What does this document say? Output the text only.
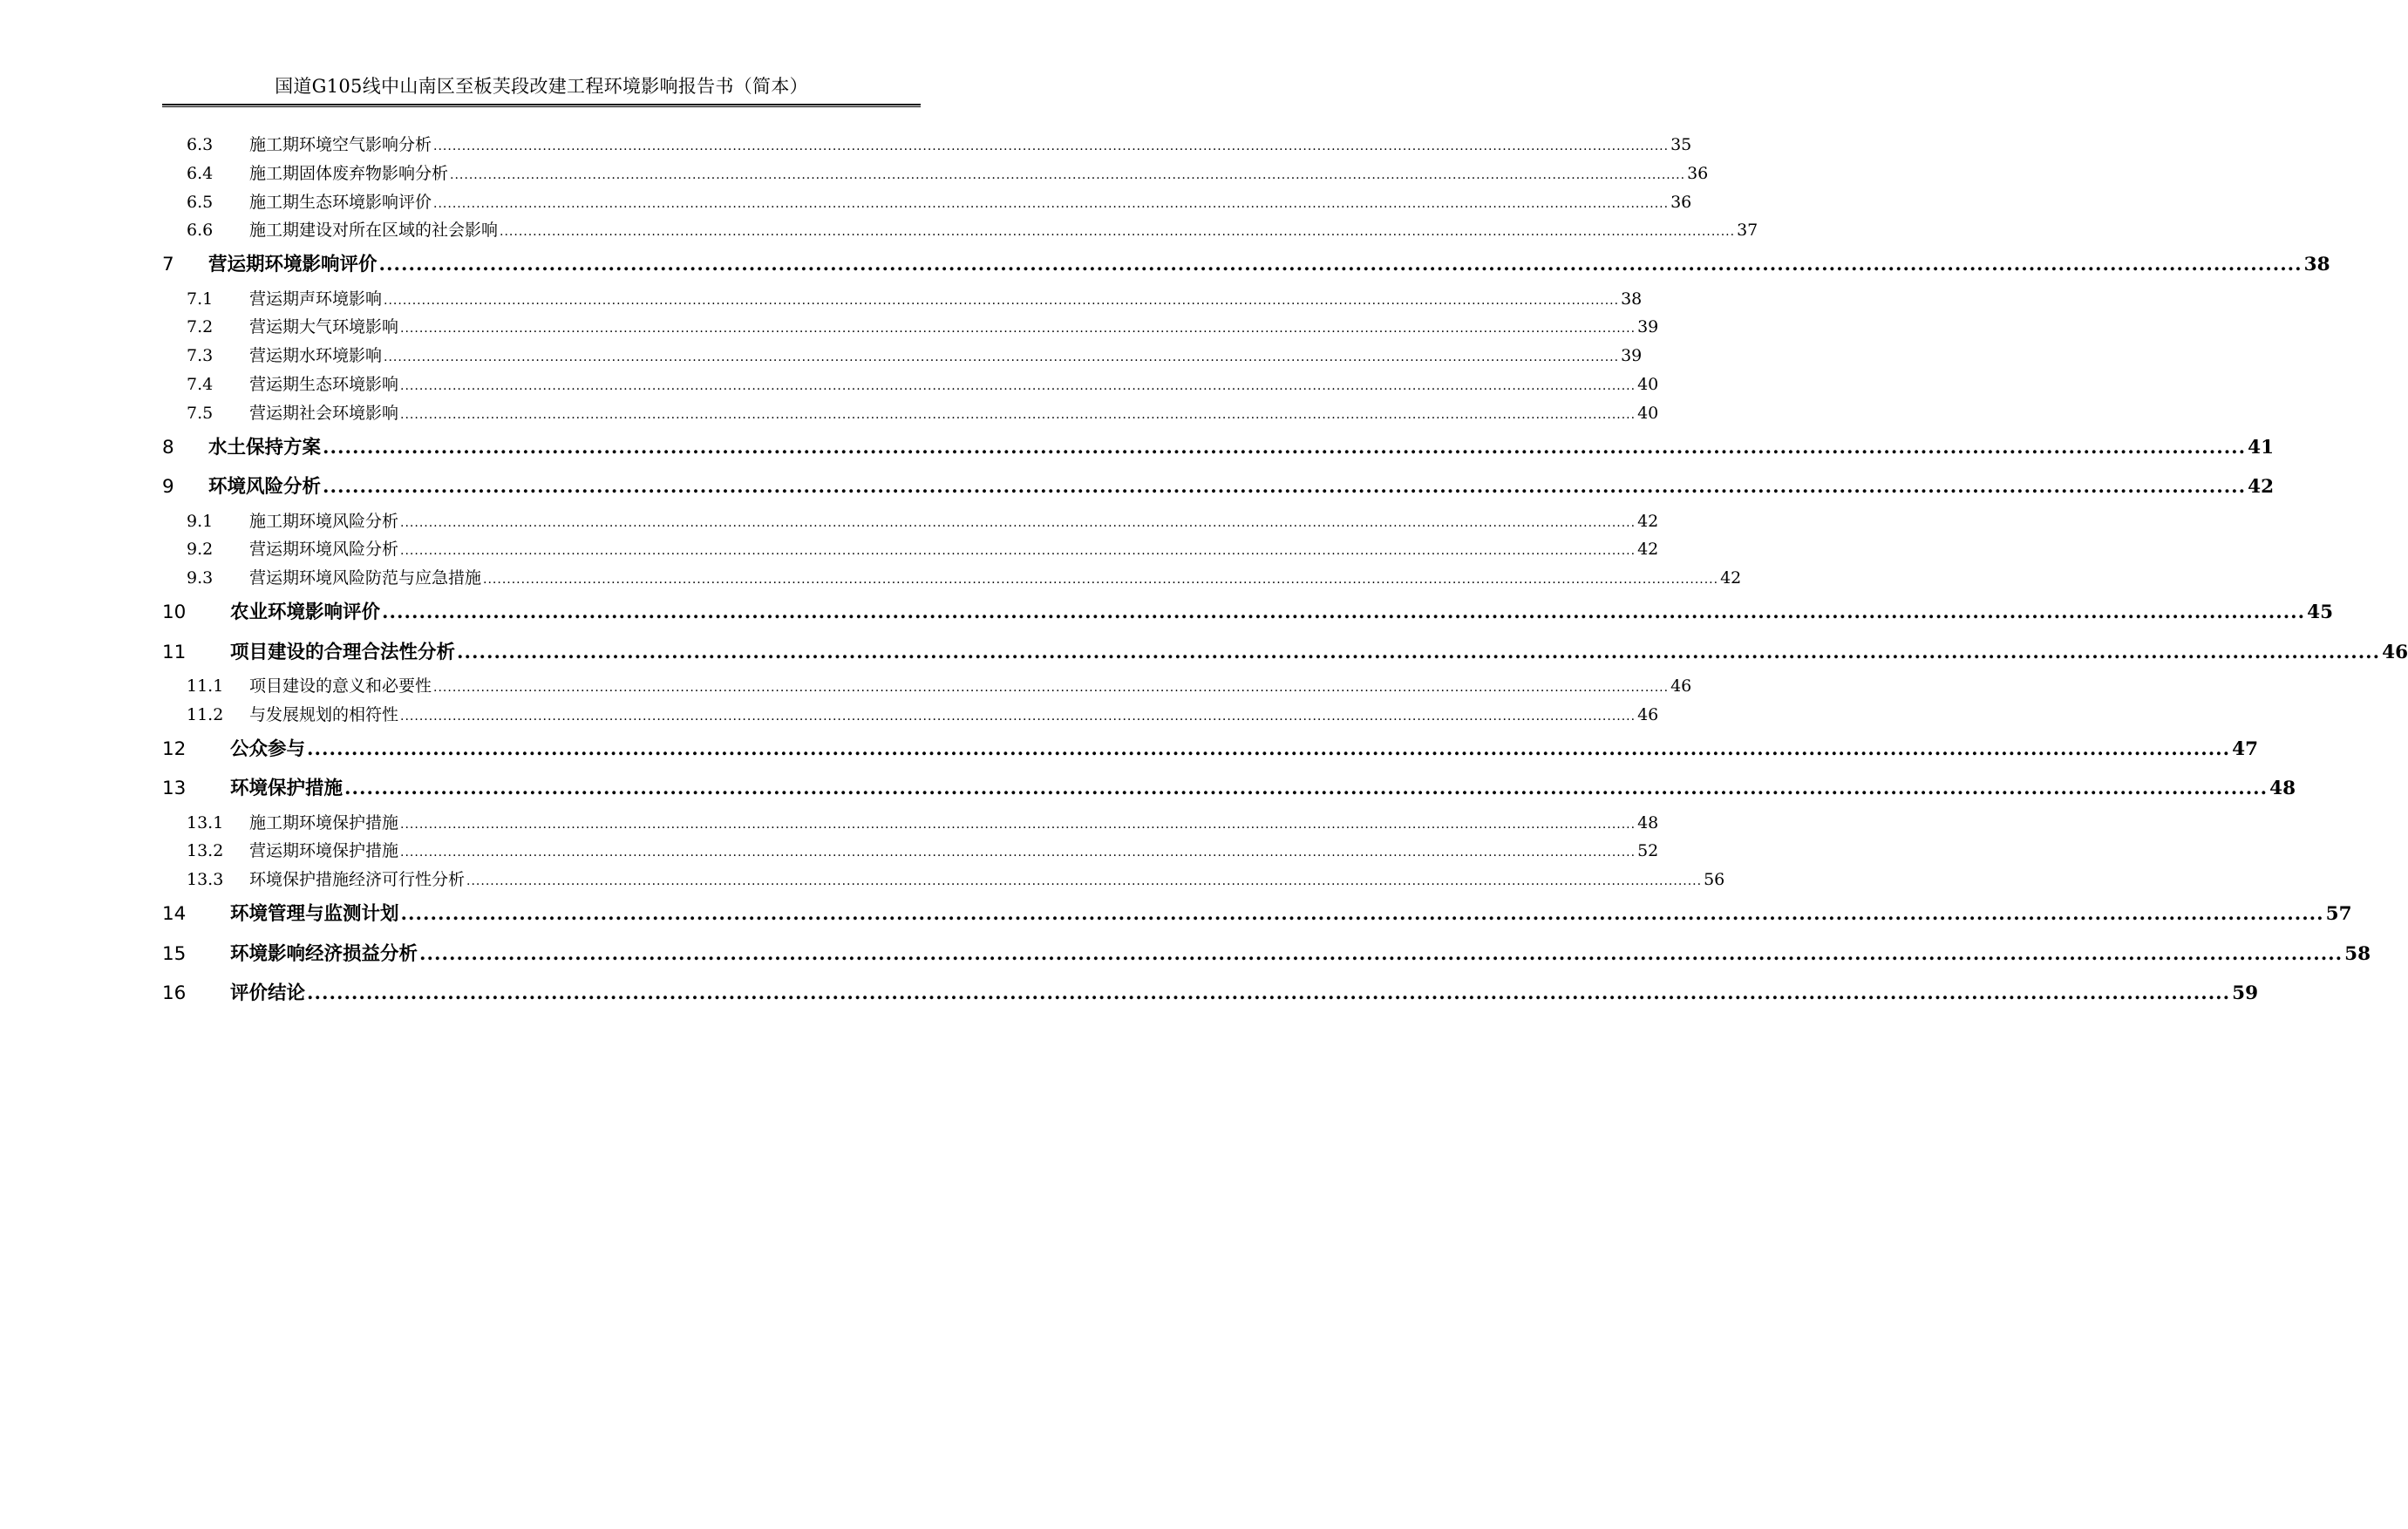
国道G105线中山南区至板芙段改建工程环境影响报告书（简本）
6.3	施工期环境空气影响分析 .................................................................................................................................................................................................................................................................... 35
6.4	施工期固体废弃物影响分析 .................................................................................................................................................................................................................................................................... 36
6.5	施工期生态环境影响评价 .................................................................................................................................................................................................................................................................... 36
6.6	施工期建设对所在区域的社会影响 .................................................................................................................................................................................................................................................................... 37
7	营运期环境影响评价 .................................................................................................................................................................................................................................................................... 38
7.1	营运期声环境影响 .................................................................................................................................................................................................................................................................... 38
7.2	营运期大气环境影响 .................................................................................................................................................................................................................................................................... 39
7.3	营运期水环境影响 .................................................................................................................................................................................................................................................................... 39
7.4	营运期生态环境影响 .................................................................................................................................................................................................................................................................... 40
7.5	营运期社会环境影响 .................................................................................................................................................................................................................................................................... 40
8	水土保持方案 .................................................................................................................................................................................................................................................................... 41
9	环境风险分析 .................................................................................................................................................................................................................................................................... 42
9.1	施工期环境风险分析 .................................................................................................................................................................................................................................................................... 42
9.2	营运期环境风险分析 .................................................................................................................................................................................................................................................................... 42
9.3	营运期环境风险防范与应急措施 .................................................................................................................................................................................................................................................................... 42
10	农业环境影响评价 .................................................................................................................................................................................................................................................................... 45
11	项目建设的合理合法性分析 .................................................................................................................................................................................................................................................................... 46
11.1	项目建设的意义和必要性 .................................................................................................................................................................................................................................................................... 46
11.2	与发展规划的相符性 .................................................................................................................................................................................................................................................................... 46
12	公众参与 .................................................................................................................................................................................................................................................................... 47
13	环境保护措施 .................................................................................................................................................................................................................................................................... 48
13.1	施工期环境保护措施 .................................................................................................................................................................................................................................................................... 48
13.2	营运期环境保护措施 .................................................................................................................................................................................................................................................................... 52
13.3	环境保护措施经济可行性分析 .................................................................................................................................................................................................................................................................... 56
14	环境管理与监测计划 .................................................................................................................................................................................................................................................................... 57
15	环境影响经济损益分析 .................................................................................................................................................................................................................................................................... 58
16	评价结论 .................................................................................................................................................................................................................................................................... 59
